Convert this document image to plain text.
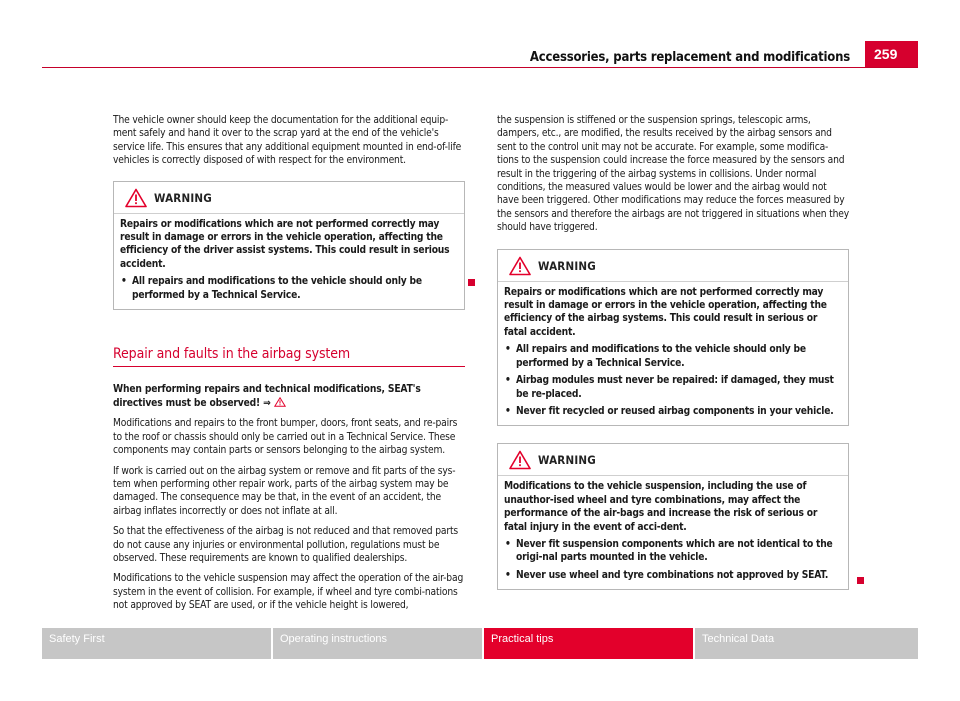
Accessories, parts replacement and modifications	259

The vehicle owner should keep the documentation for the additional equip-ment safely and hand it over to the scrap yard at the end of the vehicle's service life. This ensures that any additional equipment mounted in end-of-life vehicles is correctly disposed of with respect for the environment.

WARNING

Repairs or modifications which are not performed correctly may result in damage or errors in the vehicle operation, affecting the efficiency of the driver assist systems. This could result in serious accident.

• All repairs and modifications to the vehicle should only be performed by a Technical Service.

Repair and faults in the airbag system

When performing repairs and technical modifications, SEAT's directives must be observed! ⇒

Modifications and repairs to the front bumper, doors, front seats, and re-pairs to the roof or chassis should only be carried out in a Technical Service. These components may contain parts or sensors belonging to the airbag system.

If work is carried out on the airbag system or remove and fit parts of the sys-tem when performing other repair work, parts of the airbag system may be damaged. The consequence may be that, in the event of an accident, the airbag inflates incorrectly or does not inflate at all.

So that the effectiveness of the airbag is not reduced and that removed parts do not cause any injuries or environmental pollution, regulations must be observed. These requirements are known to qualified dealerships.

Modifications to the vehicle suspension may affect the operation of the air-bag system in the event of collision. For example, if wheel and tyre combi-nations not approved by SEAT are used, or if the vehicle height is lowered,

the suspension is stiffened or the suspension springs, telescopic arms, dampers, etc., are modified, the results received by the airbag sensors and sent to the control unit may not be accurate. For example, some modifica-tions to the suspension could increase the force measured by the sensors and result in the triggering of the airbag systems in collisions. Under normal conditions, the measured values would be lower and the airbag would not have been triggered. Other modifications may reduce the forces measured by the sensors and therefore the airbags are not triggered in situations when they should have triggered.

WARNING

Repairs or modifications which are not performed correctly may result in damage or errors in the vehicle operation, affecting the efficiency of the airbag systems. This could result in serious or fatal accident.

• All repairs and modifications to the vehicle should only be performed by a Technical Service.

• Airbag modules must never be repaired: if damaged, they must be re-placed.

• Never fit recycled or reused airbag components in your vehicle.

WARNING

Modifications to the vehicle suspension, including the use of unauthor-ised wheel and tyre combinations, may affect the performance of the air-bags and increase the risk of serious or fatal injury in the event of acci-dent.

• Never fit suspension components which are not identical to the origi-nal parts mounted in the vehicle.

• Never use wheel and tyre combinations not approved by SEAT.

Safety First	Operating instructions	Practical tips	Technical Data
